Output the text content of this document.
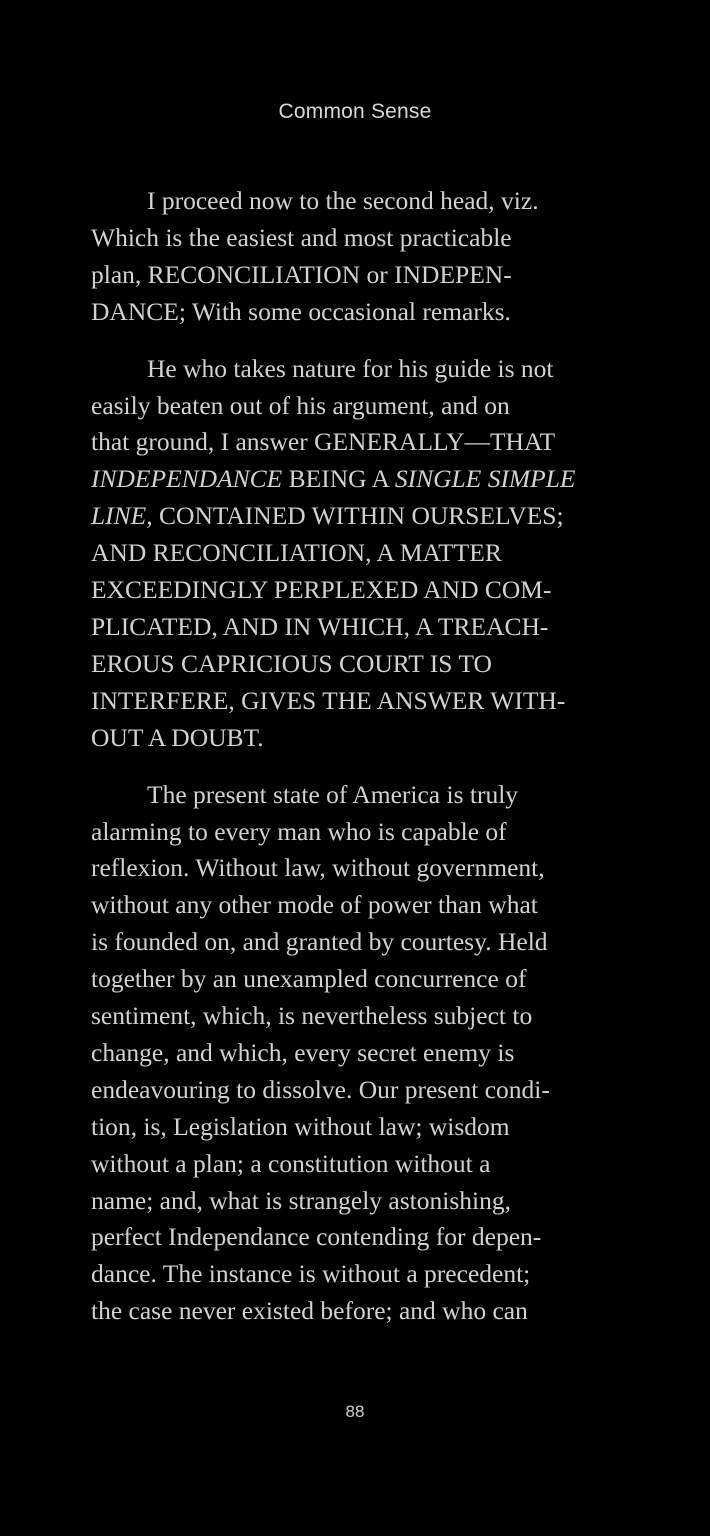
Common Sense

I proceed now to the second head, viz.
Which is the easiest and most practicable
plan, RECONCILIATION or INDEPEN-
DANCE; With some occasional remarks.

He who takes nature for his guide is not
easily beaten out of his argument, and on
that ground, I answer GENERALLY—THAT
INDEPENDANCE BEING A SINGLE SIMPLE
LINE, CONTAINED WITHIN OURSELVES;
AND RECONCILIATION, A MATTER
EXCEEDINGLY PERPLEXED AND COM-
PLICATED, AND IN WHICH, A TREACH-
EROUS CAPRICIOUS COURT IS TO
INTERFERE, GIVES THE ANSWER WITH-
OUT A DOUBT.

The present state of America is truly
alarming to every man who is capable of
reflexion. Without law, without government,
without any other mode of power than what
is founded on, and granted by courtesy. Held
together by an unexampled concurrence of
sentiment, which, is nevertheless subject to
change, and which, every secret enemy is
endeavouring to dissolve. Our present condi-
tion, is, Legislation without law; wisdom
without a plan; a constitution without a
name; and, what is strangely astonishing,
perfect Independance contending for depen-
dance. The instance is without a precedent;
the case never existed before; and who can

88
